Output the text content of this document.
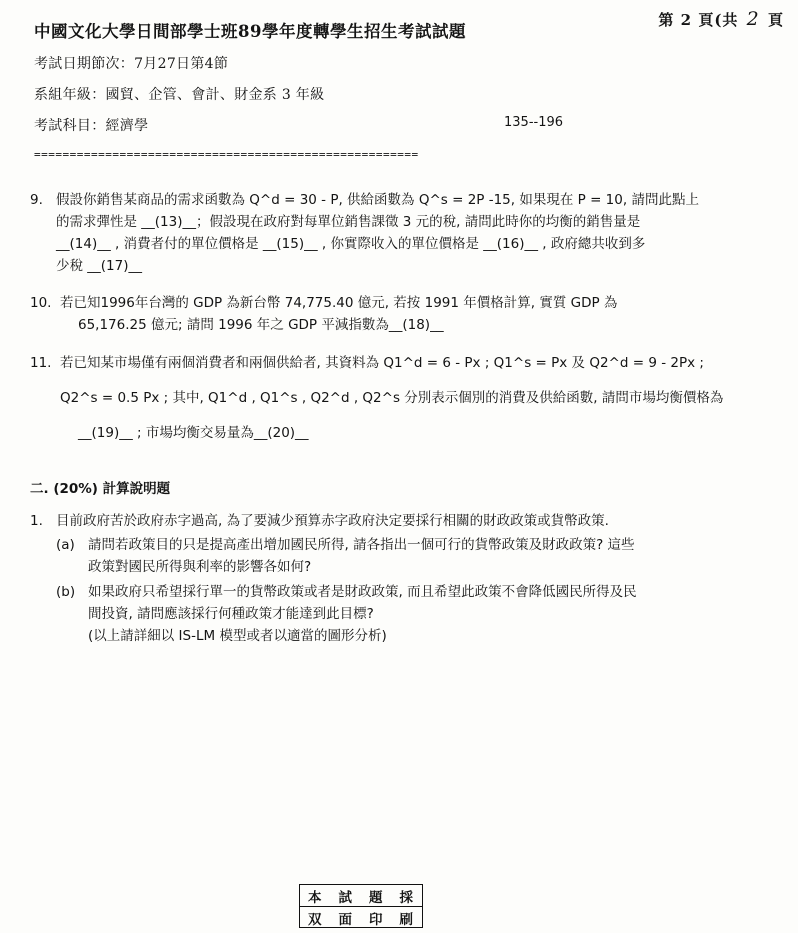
中國文化大學日間部學士班89學年度轉學生招生考試試題
考試日期節次：7月27日第4節
系組年級：國貿、企管、會計、財金系 3 年級
考試科目：經濟學	135--196
第 2 頁(共 2 頁
======================================================
9. 假設你銷售某商品的需求函數為 Q^d = 30 - P, 供給函數為 Q^s = 2P -15, 如果現在 P = 10, 請問此點上
的需求彈性是 __(13)__；假設現在政府對每單位銷售課徵 3 元的稅, 請問此時你的均衡的銷售量是
__(14)__ , 消費者付的單位價格是 __(15)__ , 你實際收入的單位價格是 __(16)__ , 政府總共收到多
少稅 __(17)__
10. 若已知1996年台灣的 GDP 為新台幣 74,775.40 億元, 若按 1991 年價格計算, 實質 GDP 為
65,176.25 億元; 請問 1996 年之 GDP 平減指數為__(18)__
11. 若已知某市場僅有兩個消費者和兩個供給者, 其資料為 Q1^d = 6 - Px ; Q1^s = Px 及 Q2^d = 9 - 2Px ;
Q2^s = 0.5 Px ; 其中, Q1^d , Q1^s , Q2^d , Q2^s 分別表示個別的消費及供給函數, 請問市場均衡價格為
__(19)__ ; 市場均衡交易量為__(20)__
二. (20%) 計算說明題
1. 目前政府苦於政府赤字過高, 為了要減少預算赤字政府決定要採行相關的財政政策或貨幣政策.
(a) 請問若政策目的只是提高產出增加國民所得, 請各指出一個可行的貨幣政策及財政政策? 這些
政策對國民所得與利率的影響各如何?
(b) 如果政府只希望採行單一的貨幣政策或者是財政政策, 而且希望此政策不會降低國民所得及民
間投資, 請問應該採行何種政策才能達到此目標?
(以上請詳細以 IS-LM 模型或者以適當的圖形分析)
本 試 題 採
双 面 印 刷
